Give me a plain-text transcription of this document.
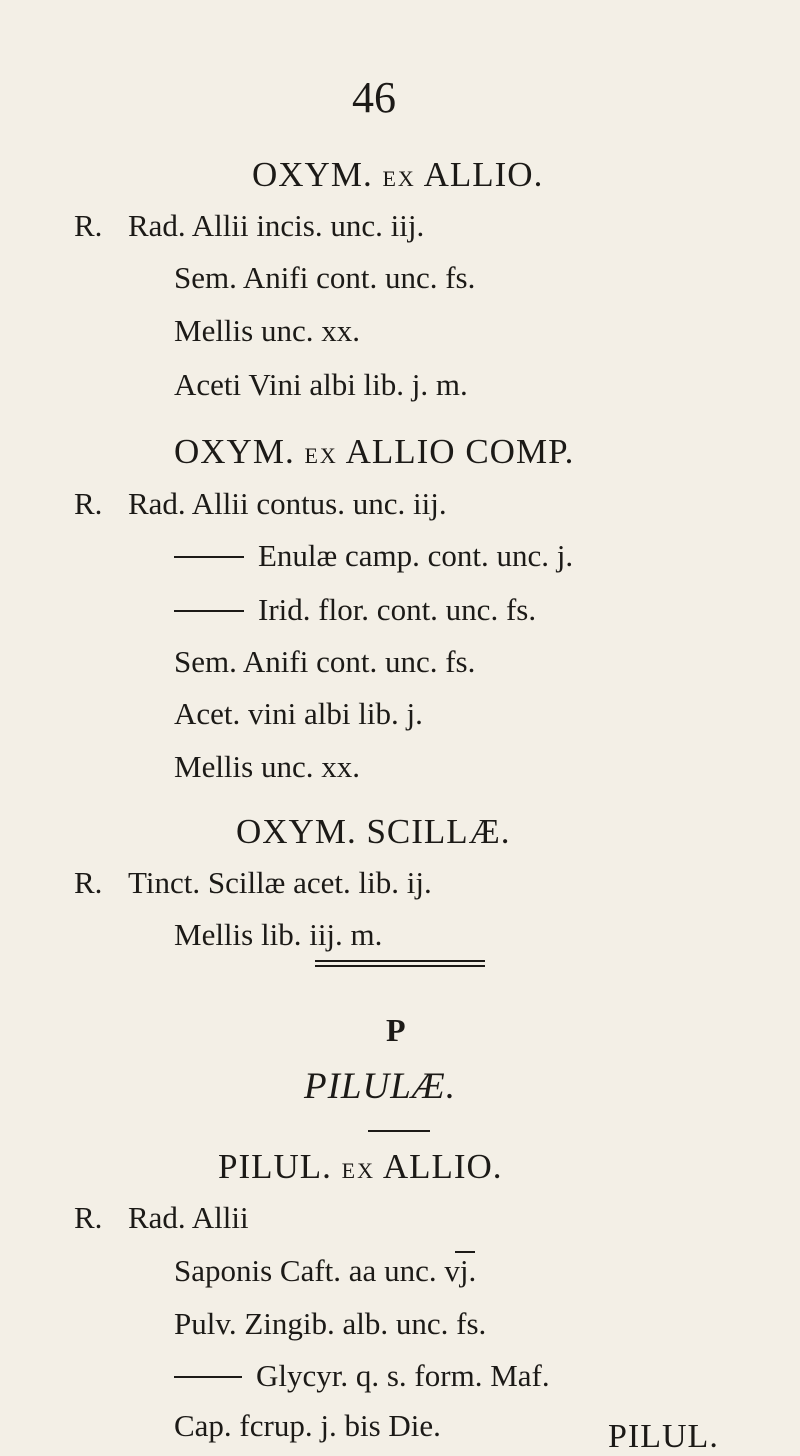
46
OXYM. EX ALLIO.
R. Rad. Allii incis. unc. iij.
Sem. Anifi cont. unc. fs.
Mellis unc. xx.
Aceti Vini albi lib. j. m.
OXYM. EX ALLIO COMP.
R. Rad. Allii contus. unc. iij.
Enulæ camp. cont. unc. j.
Irid. flor. cont. unc. fs.
Sem. Anifi cont. unc. fs.
Acet. vini albi lib. j.
Mellis unc. xx.
OXYM. SCILLÆ.
R. Tinct. Scillæ acet. lib. ij.
Mellis lib. iij. m.
P
PILULÆ.
PILUL. EX ALLIO.
R. Rad. Allii
Saponis Caft. aa unc. vj.
Pulv. Zingib. alb. unc. fs.
Glycyr. q. s. form. Maf.
Cap. fcrup. j. bis Die.	PILUL.
